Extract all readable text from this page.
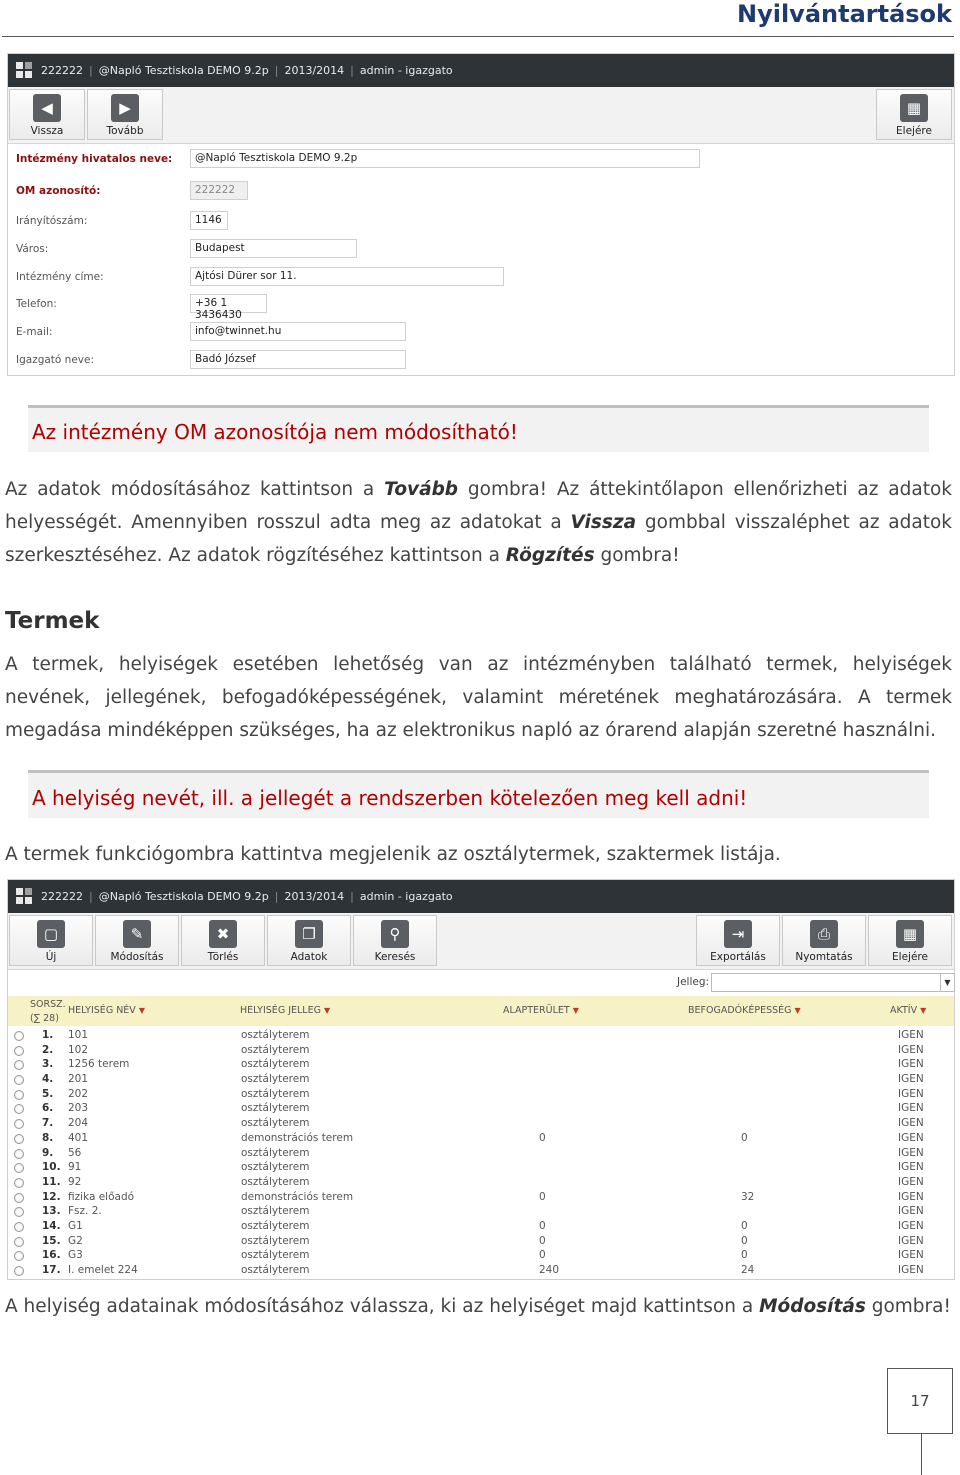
Nyilvántartások
222222 | @Napló Tesztiskola DEMO 9.2p | 2013/2014 | admin - igazgato
◀
Vissza
▶
Tovább
▦
Elejére
Intézmény hivatalos neve:	@Napló Tesztiskola DEMO 9.2p
OM azonosító:	222222
Irányítószám:	1146
Város:	Budapest
Intézmény címe:	Ajtósi Dürer sor 11.
Telefon:	+36 1 3436430
E-mail:	info@twinnet.hu
Igazgató neve:	Badó József
Az intézmény OM azonosítója nem módosítható!
Az adatok módosításához kattintson a Tovább gombra! Az áttekintőlapon ellenőrizheti az adatok helyességét. Amennyiben rosszul adta meg az adatokat a Vissza gombbal visszaléphet az adatok szerkesztéséhez. Az adatok rögzítéséhez kattintson a Rögzítés gombra!
Termek
A termek, helyiségek esetében lehetőség van az intézményben található termek, helyiségek nevének, jellegének, befogadóképességének, valamint méretének meghatározására. A termek megadása mindéképpen szükséges, ha az elektronikus napló az órarend alapján szeretné használni.
A helyiség nevét, ill. a jellegét a rendszerben kötelezően meg kell adni!
A termek funkciógombra kattintva megjelenik az osztálytermek, szaktermek listája.
222222 | @Napló Tesztiskola DEMO 9.2p | 2013/2014 | admin - igazgato
▢
Új
✎
Módosítás
✖
Törlés
❐
Adatok
⚲
Keresés
⇥
Exportálás
⎙
Nyomtatás
▦
Elejére
Jelleg:	▼
SORSZ.
(∑ 28)
HELYISÉG NÉV ▼	HELYISÉG JELLEG ▼	ALAPTERÜLET ▼	BEFOGADÓKÉPESSÉG ▼	AKTÍV ▼
1. 101	osztályterem	IGEN
2. 102	osztályterem	IGEN
3. 1256 terem	osztályterem	IGEN
4. 201	osztályterem	IGEN
5. 202	osztályterem	IGEN
6. 203	osztályterem	IGEN
7. 204	osztályterem	IGEN
8. 401	demonstrációs terem	0	0	IGEN
9. 56	osztályterem	IGEN
10. 91	osztályterem	IGEN
11. 92	osztályterem	IGEN
12. fizika előadó	demonstrációs terem	0	32	IGEN
13. Fsz. 2.	osztályterem	IGEN
14. G1	osztályterem	0	0	IGEN
15. G2	osztályterem	0	0	IGEN
16. G3	osztályterem	0	0	IGEN
17. I. emelet 224	osztályterem	240	24	IGEN
A helyiség adatainak módosításához válassza, ki az helyiséget majd kattintson a Módosítás gombra!
17
